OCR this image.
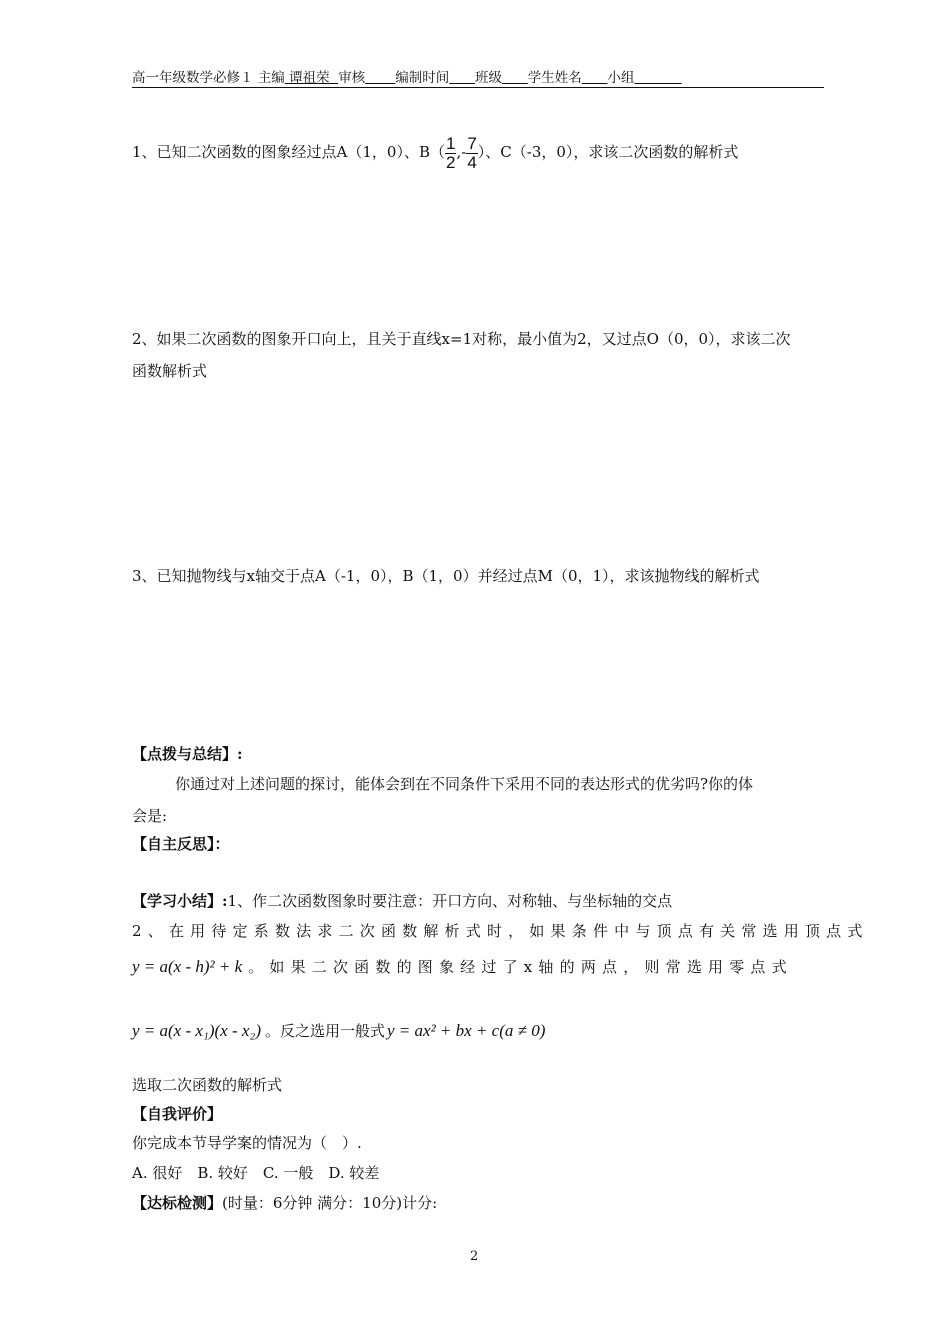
高一年级数学必修１ 主编 谭祖荣 审核 编制时间 班级 学生姓名 小组
1、已知二次函数的图象经过点A（1，0）、$B( \frac{1}{2}$ ,- $\frac{7}{4}$ ）、C（-3，0），求该二次函数的解析式
2、如果二次函数的图象开口向上，且关于直线x=1对称，最小值为2，又过点O（0，0），求该二次
函数解析式
3、已知抛物线与x轴交于点A（-1，0），B（1，0）并经过点M（0，1），求该抛物线的解析式
【点拨与总结】:
你通过对上述问题的探讨，能体会到在不同条件下采用不同的表达形式的优劣吗?你的体
会是:
【自主反思】：
【学习小结】:1、作二次函数图象时要注意：开口方向、对称轴、与坐标轴的交点
2、在用待定系数法求二次函数解析式时，如果条件中与顶点有关常选用顶点式
y = a(x - h)² + k 。如果二次函数的图象经过了x轴的两点，则常选用零点式
y = a(x - x₁)(x - x₂) 。反之选用一般式 y = ax² + bx + c(a ≠ 0)
选取二次函数的解析式
【自我评价】
你完成本节导学案的情况为（　）.
A. 很好　B. 较好　C. 一般　D. 较差
【达标检测】(时量：6分钟 满分：10分)计分:
2
